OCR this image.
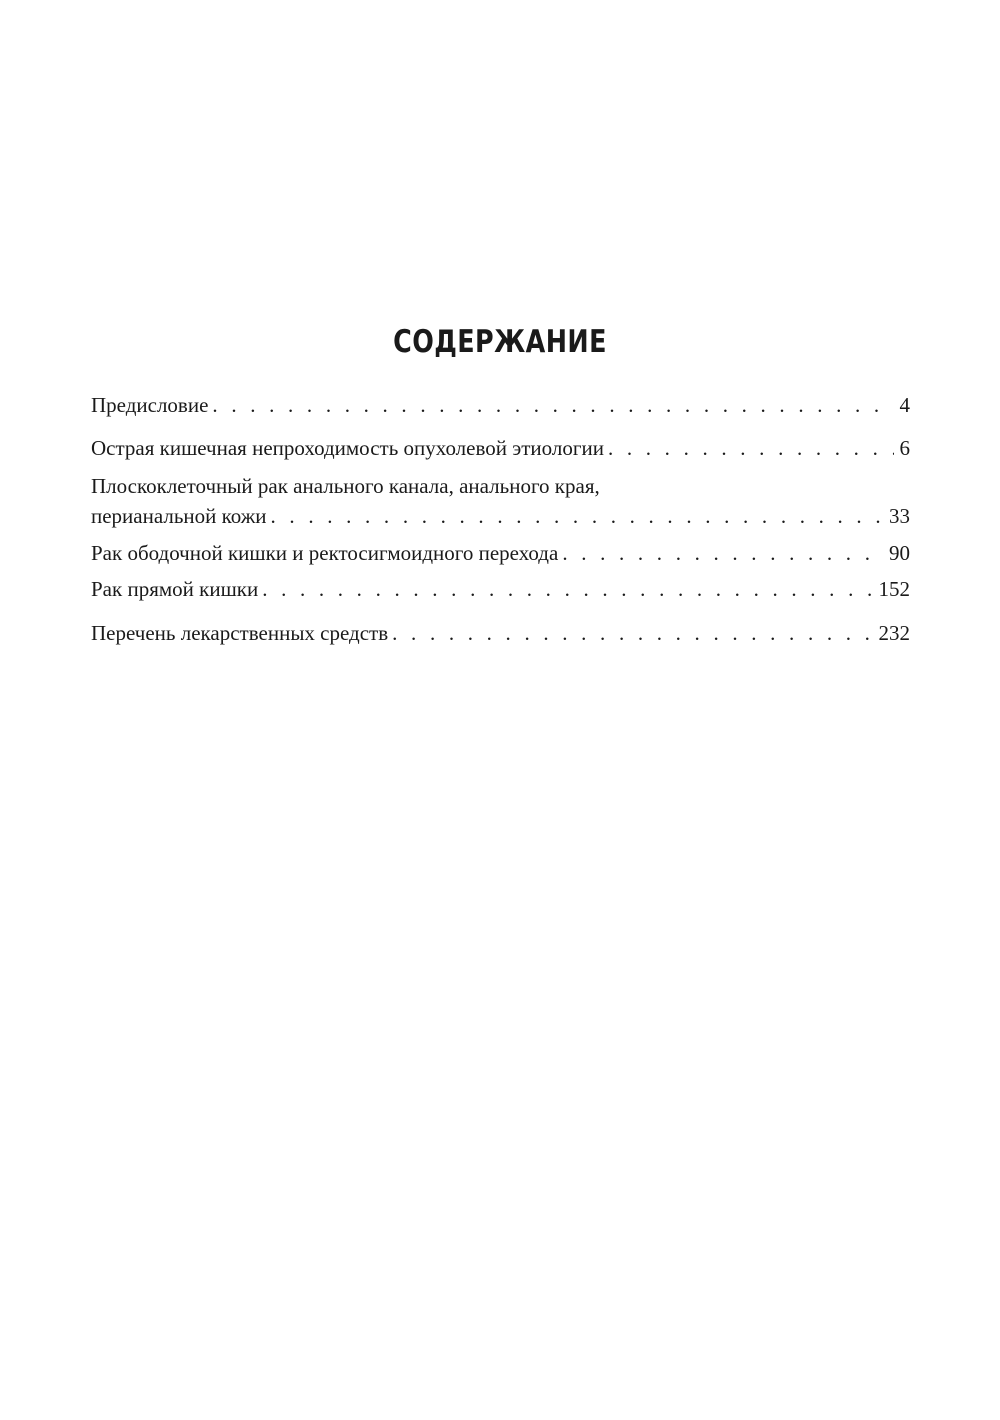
СОДЕРЖАНИЕ
Предисловие . . .	4
Острая кишечная непроходимость опухолевой этиологии . . .	6
Плоскоклеточный рак анального канала, анального края,
перианальной кожи . . .	33
Рак ободочной кишки и ректосигмоидного перехода . . .	90
Рак прямой кишки . . .	152
Перечень лекарственных средств . . .	232
